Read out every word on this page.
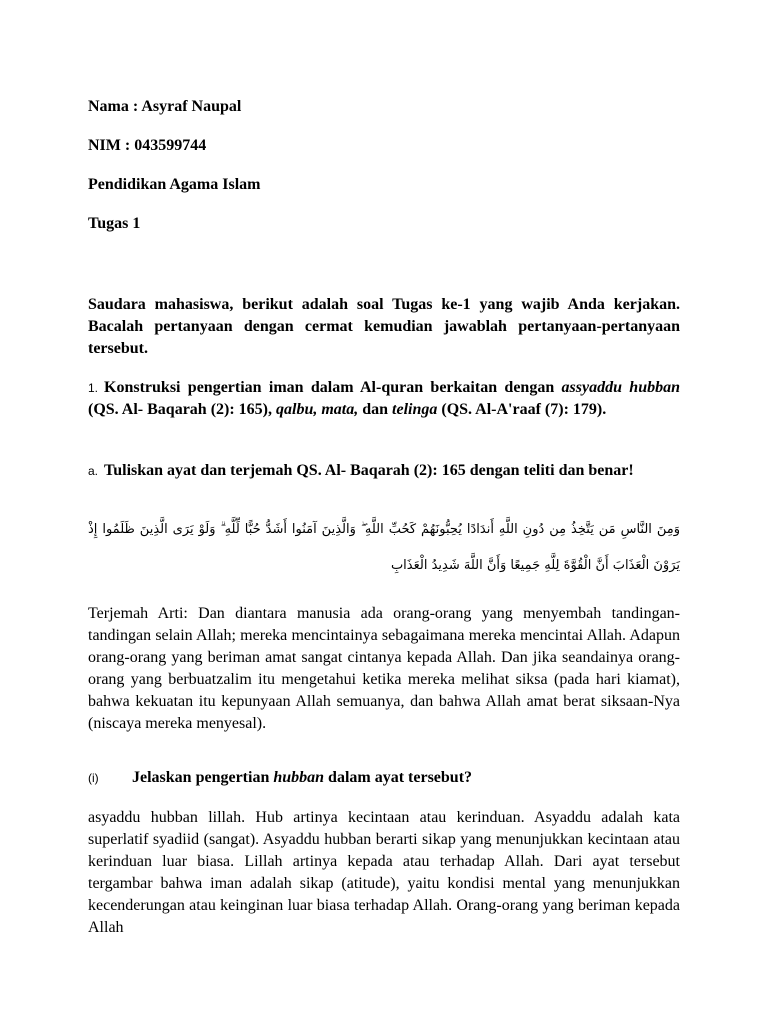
Nama : Asyraf Naupal

NIM : 043599744

Pendidikan Agama Islam

Tugas 1

Saudara mahasiswa, berikut adalah soal Tugas ke-1 yang wajib Anda kerjakan. Bacalah pertanyaan dengan cermat kemudian jawablah pertanyaan-pertanyaan tersebut.

1. Konstruksi pengertian iman dalam Al-quran berkaitan dengan assyaddu hubban (QS. Al- Baqarah (2): 165), qalbu, mata, dan telinga (QS. Al-A'raaf (7): 179).

a. Tuliskan ayat dan terjemah QS. Al- Baqarah (2): 165 dengan teliti dan benar!

وَمِنَ النَّاسِ مَن يَتَّخِذُ مِن دُونِ اللَّهِ أَندَادًا يُحِبُّونَهُمْ كَحُبِّ اللَّهِ ۖ وَالَّذِينَ آمَنُوا أَشَدُّ حُبًّا لِّلَّهِ ۗ وَلَوْ يَرَى الَّذِينَ ظَلَمُوا إِذْ يَرَوْنَ الْعَذَابَ أَنَّ الْقُوَّةَ لِلَّهِ جَمِيعًا وَأَنَّ اللَّهَ شَدِيدُ الْعَذَابِ

Terjemah Arti: Dan diantara manusia ada orang-orang yang menyembah tandingan-tandingan selain Allah; mereka mencintainya sebagaimana mereka mencintai Allah. Adapun orang-orang yang beriman amat sangat cintanya kepada Allah. Dan jika seandainya orang-orang yang berbuatzalim itu mengetahui ketika mereka melihat siksa (pada hari kiamat), bahwa kekuatan itu kepunyaan Allah semuanya, dan bahwa Allah amat berat siksaan-Nya (niscaya mereka menyesal).

(i) Jelaskan pengertian hubban dalam ayat tersebut?

asyaddu hubban lillah. Hub artinya kecintaan atau kerinduan. Asyaddu adalah kata superlatif syadiid (sangat). Asyaddu hubban berarti sikap yang menunjukkan kecintaan atau kerinduan luar biasa. Lillah artinya kepada atau terhadap Allah. Dari ayat tersebut tergambar bahwa iman adalah sikap (atitude), yaitu kondisi mental yang menunjukkan kecenderungan atau keinginan luar biasa terhadap Allah. Orang-orang yang beriman kepada Allah
